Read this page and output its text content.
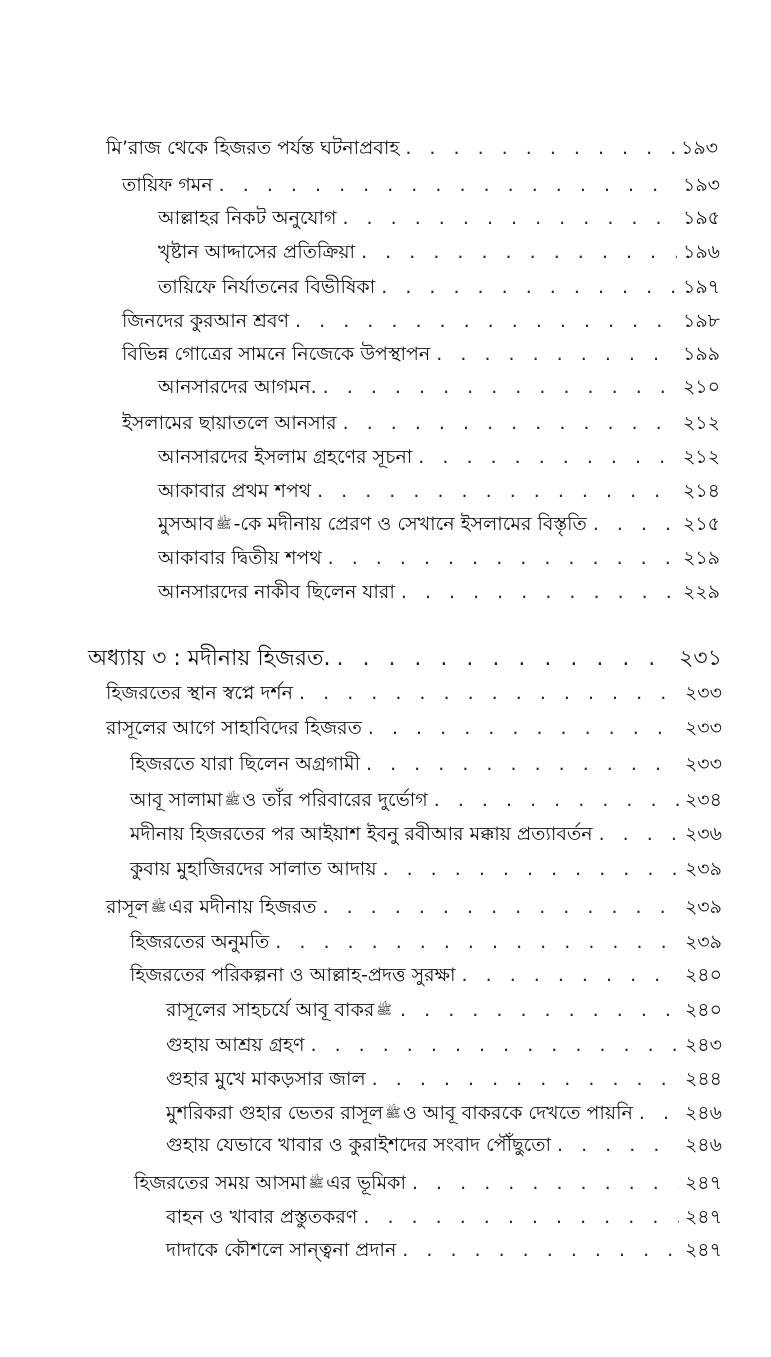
মি’রাজ থেকে হিজরত পর্যন্ত ঘটনাপ্রবাহ . . .	১৯৩
তায়িফ গমন . . .	১৯৩
আল্লাহর নিকট অনুযোগ . . .	১৯৫
খৃষ্টান আদ্দাসের প্রতিক্রিয়া . . .	১৯৬
তায়িফে নির্যাতনের বিভীষিকা . . .	১৯৭
জিনদের কুরআন শ্রবণ . . .	১৯৮
বিভিন্ন গোত্রের সামনে নিজেকে উপস্থাপন . . .	১৯৯
আনসারদের আগমন. . . .	২১০
ইসলামের ছায়াতলে আনসার . . .	২১২
আনসারদের ইসলাম গ্রহণের সূচনা . . .	২১২
আকাবার প্রথম শপথ . . .	২১৪
মুসআব ﷺ -কে মদীনায় প্রেরণ ও সেখানে ইসলামের বিস্তৃতি . . .	২১৫
আকাবার দ্বিতীয় শপথ . . .	২১৯
আনসারদের নাকীব ছিলেন যারা . . .	২২৯
অধ্যায় ৩ : মদীনায় হিজরত. . . .	২৩১
হিজরতের স্থান স্বপ্নে দর্শন . . .	২৩৩
রাসূলের আগে সাহাবিদের হিজরত . . .	২৩৩
হিজরতে যারা ছিলেন অগ্রগামী . . .	২৩৩
আবূ সালামা ﷺ ও তাঁর পরিবারের দুর্ভোগ . . .	২৩৪
মদীনায় হিজরতের পর আইয়াশ ইবনু রবীআর মক্কায় প্রত্যাবর্তন . . .	২৩৬
কুবায় মুহাজিরদের সালাত আদায় . . .	২৩৯
রাসূল ﷺ এর মদীনায় হিজরত . . .	২৩৯
হিজরতের অনুমতি . . .	২৩৯
হিজরতের পরিকল্পনা ও আল্লাহ-প্রদত্ত সুরক্ষা . . .	২৪০
রাসূলের সাহচর্যে আবূ বাকর ﷺ . . .	২৪০
গুহায় আশ্রয় গ্রহণ . . .	২৪৩
গুহার মুখে মাকড়সার জাল . . .	২৪৪
মুশরিকরা গুহার ভেতর রাসূল ﷺ ও আবূ বাকরকে দেখতে পায়নি . . .	২৪৬
গুহায় যেভাবে খাবার ও কুরাইশদের সংবাদ পৌঁছুতো . . .	২৪৬
হিজরতের সময় আসমা ﷺ এর ভূমিকা . . .	২৪৭
বাহন ও খাবার প্রস্তুতকরণ . . .	২৪৭
দাদাকে কৌশলে সান্ত্বনা প্রদান . . .	২৪৭
